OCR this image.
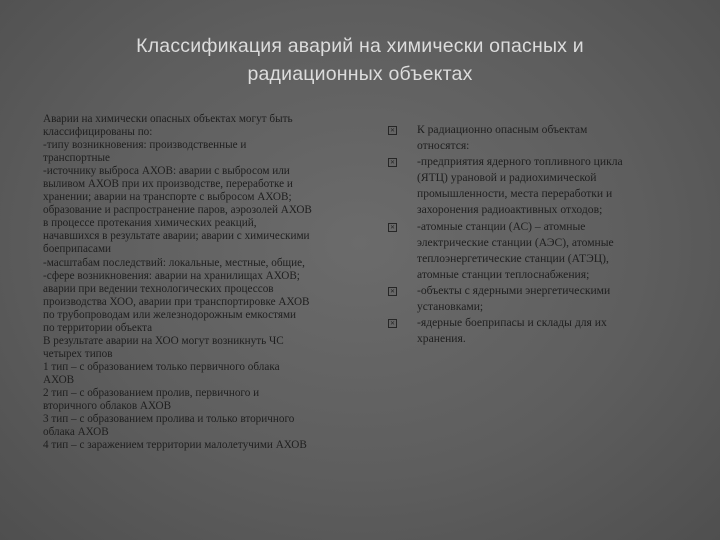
Классификация аварий на химически опасных и
радиационных объектах

Аварии на химически опасных объектах могут быть

классифицированы по:

-типу возникновения: производственные и

транспортные

-источнику выброса АХОВ: аварии с выбросом или

выливом АХОВ при их производстве, переработке и

хранении; аварии на транспорте с выбросом АХОВ;

образование и распространение паров, аэрозолей АХОВ

в процессе протекания химических реакций,

начавшихся в результате аварии; аварии с химическими

боеприпасами

-масштабам последствий: локальные, местные, общие,

-сфере возникновения: аварии на хранилищах АХОВ;

аварии при ведении технологических процессов

производства ХОО, аварии при транспортировке АХОВ

по трубопроводам или железнодорожным емкостями

по территории объекта

В результате аварии на ХОО могут возникнуть ЧС

четырех типов

1 тип – с образованием только первичного облака

АХОВ

2 тип – с образованием пролив, первичного и

вторичного облаков АХОВ

3 тип – с образованием пролива и только вторичного

облака АХОВ

4 тип – с заражением территории малолетучими АХОВ

✕ К радиационно опасным объектам

относятся:

✕ -предприятия ядерного топливного цикла

(ЯТЦ) урановой и радиохимической

промышленности, места переработки и

захоронения радиоактивных отходов;

✕ -атомные станции (АС) – атомные

электрические станции (АЭС), атомные

теплоэнергетические станции (АТЭЦ),

атомные станции теплоснабжения;

✕ -объекты с ядерными энергетическими

установками;

✕ -ядерные боеприпасы и склады для их

хранения.
